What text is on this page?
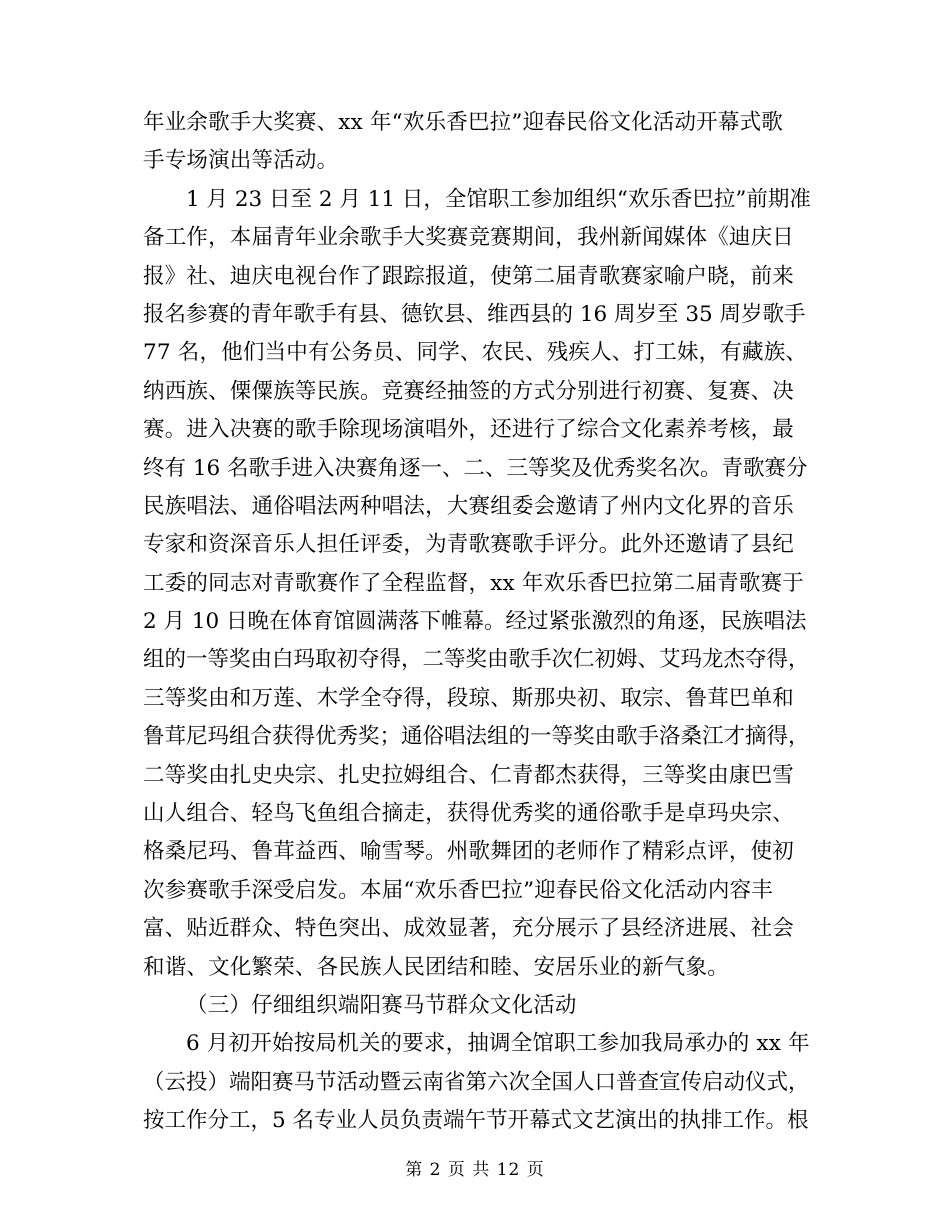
年业余歌手大奖赛、xx 年“欢乐香巴拉”迎春民俗文化活动开幕式歌
手专场演出等活动。
1 月 23 日至 2 月 11 日，全馆职工参加组织“欢乐香巴拉”前期准
备工作，本届青年业余歌手大奖赛竞赛期间，我州新闻媒体《迪庆日
报》社、迪庆电视台作了跟踪报道，使第二届青歌赛家喻户晓，前来
报名参赛的青年歌手有县、德钦县、维西县的 16 周岁至 35 周岁歌手
77 名，他们当中有公务员、同学、农民、残疾人、打工妹，有藏族、
纳西族、傈僳族等民族。竞赛经抽签的方式分别进行初赛、复赛、决
赛。进入决赛的歌手除现场演唱外，还进行了综合文化素养考核，最
终有 16 名歌手进入决赛角逐一、二、三等奖及优秀奖名次。青歌赛分
民族唱法、通俗唱法两种唱法，大赛组委会邀请了州内文化界的音乐
专家和资深音乐人担任评委，为青歌赛歌手评分。此外还邀请了县纪
工委的同志对青歌赛作了全程监督，xx 年欢乐香巴拉第二届青歌赛于
2 月 10 日晚在体育馆圆满落下帷幕。经过紧张激烈的角逐，民族唱法
组的一等奖由白玛取初夺得，二等奖由歌手次仁初姆、艾玛龙杰夺得，
三等奖由和万莲、木学全夺得，段琼、斯那央初、取宗、鲁茸巴单和
鲁茸尼玛组合获得优秀奖；通俗唱法组的一等奖由歌手洛桑江才摘得，
二等奖由扎史央宗、扎史拉姆组合、仁青都杰获得，三等奖由康巴雪
山人组合、轻鸟飞鱼组合摘走，获得优秀奖的通俗歌手是卓玛央宗、
格桑尼玛、鲁茸益西、喻雪琴。州歌舞团的老师作了精彩点评，使初
次参赛歌手深受启发。本届“欢乐香巴拉”迎春民俗文化活动内容丰
富、贴近群众、特色突出、成效显著，充分展示了县经济进展、社会
和谐、文化繁荣、各民族人民团结和睦、安居乐业的新气象。
（三）仔细组织端阳赛马节群众文化活动
6 月初开始按局机关的要求，抽调全馆职工参加我局承办的 xx 年
（云投）端阳赛马节活动暨云南省第六次全国人口普查宣传启动仪式，
按工作分工，5 名专业人员负责端午节开幕式文艺演出的执排工作。根
第 2 页 共 12 页
